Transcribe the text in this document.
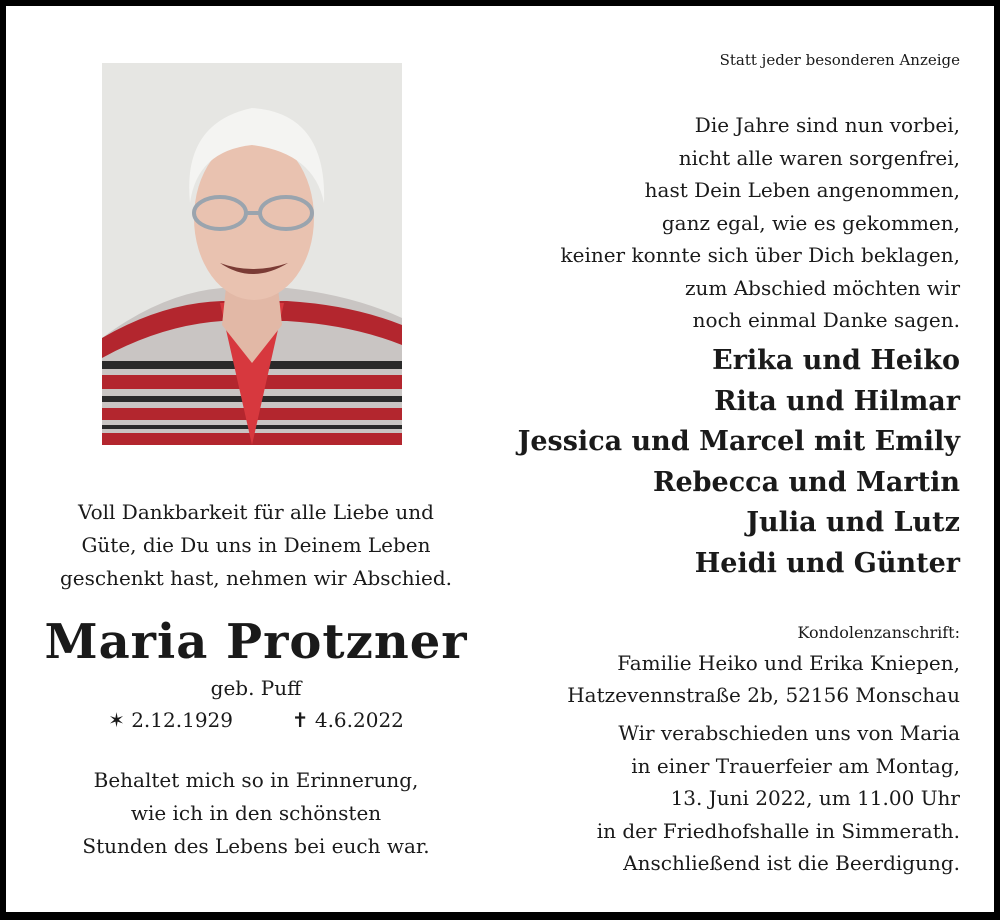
Voll Dankbarkeit für alle Liebe und
Güte, die Du uns in Deinem Leben
geschenkt hast, nehmen wir Abschied.
Maria Protzner
geb. Puff
✶ 2.12.1929	✝ 4.6.2022
Behaltet mich so in Erinnerung,
wie ich in den schönsten
Stunden des Lebens bei euch war.
Statt jeder besonderen Anzeige
Die Jahre sind nun vorbei,
nicht alle waren sorgenfrei,
hast Dein Leben angenommen,
ganz egal, wie es gekommen,
keiner konnte sich über Dich beklagen,
zum Abschied möchten wir
noch einmal Danke sagen.
Erika und Heiko
Rita und Hilmar
Jessica und Marcel mit Emily
Rebecca und Martin
Julia und Lutz
Heidi und Günter
Kondolenzanschrift:
Familie Heiko und Erika Kniepen,
Hatzevennstraße 2b, 52156 Monschau
Wir verabschieden uns von Maria
in einer Trauerfeier am Montag,
13. Juni 2022, um 11.00 Uhr
in der Friedhofshalle in Simmerath.
Anschließend ist die Beerdigung.
